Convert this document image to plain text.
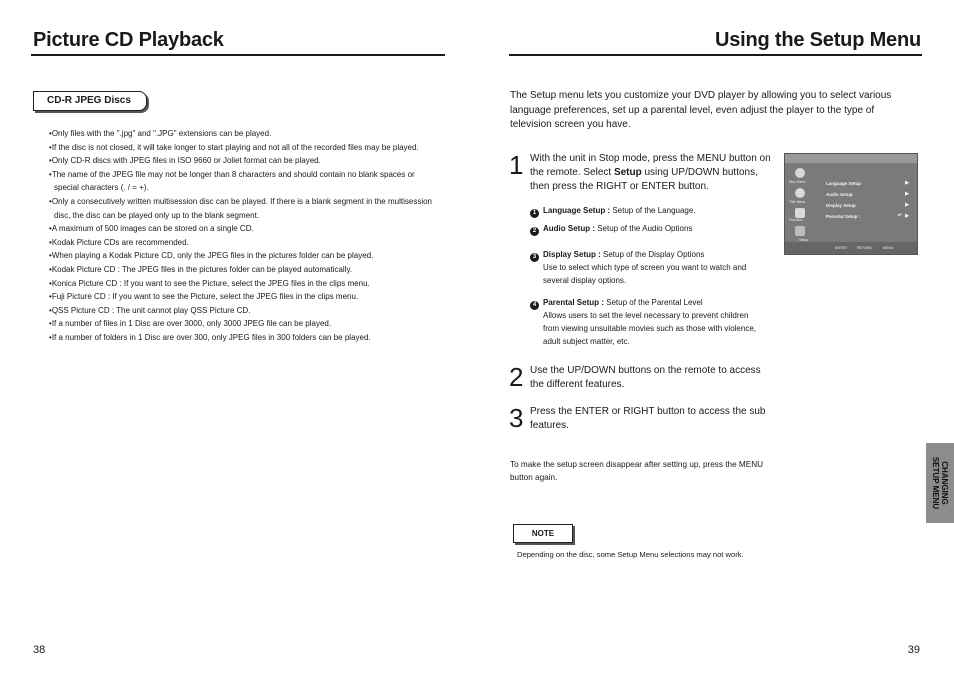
Picture CD Playback
CD-R JPEG Discs
• Only files with the ".jpg" and ".JPG" extensions can be played.
• If the disc is not closed, it will take longer to start playing and not all of the recorded files may be played.
• Only CD-R discs with JPEG files in ISO 9660 or Joliet format can be played.
• The name of the JPEG file may not be longer than 8 characters and should contain no blank spaces or special characters (. / = +).
• Only a consecutively written multisession disc can be played. If there is a blank segment in the multisession disc, the disc can be played only up to the blank segment.
• A maximum of 500 images can be stored on a single CD.
• Kodak Picture CDs are recommended.
• When playing a Kodak Picture CD, only the JPEG files in the pictures folder can be played.
• Kodak Picture CD : The JPEG files in the pictures folder can be played automatically.
• Konica Picture CD : If you want to see the Picture, select the JPEG files in the clips menu.
• Fuji Picture CD : If you want to see the Picture, select the JPEG files in the clips menu.
• QSS Picture CD : The unit cannot play QSS Picture CD.
• If a number of files in 1 Disc are over 3000, only 3000 JPEG file can be played.
• If a number of folders in 1 Disc are over 300, only JPEG files in 300 folders can be played.
38
Using the Setup Menu
The Setup menu lets you customize your DVD player by allowing you to select various language preferences, set up a parental level, even adjust the player to the type of television screen you have.
1 With the unit in Stop mode, press the MENU button on the remote. Select Setup using UP/DOWN buttons, then press the RIGHT or ENTER button.
1 Language Setup : Setup of the Language.
2 Audio Setup : Setup of the Audio Options
3 Display Setup : Setup of the Display Options
Use to select which type of screen you want to watch and several display options.
4 Parental Setup : Setup of the Parental Level
Allows users to set the level necessary to prevent children from viewing unsuitable movies such as those with violence, adult subject matter, etc.
Disc Menu
Title Menu
Function
Setup
Language Setup	▶
Audio Setup	▶
Display Setup	▶
Parental Setup :	↶ ▶
ENTER	RETURN	MENU
2 Use the UP/DOWN buttons on the remote to access the different features.
3 Press the ENTER or RIGHT button to access the sub features.
To make the setup screen disappear after setting up, press the MENU button again.
NOTE
Depending on the disc, some Setup Menu selections may not work.
39
CHANGING
SETUP MENU
